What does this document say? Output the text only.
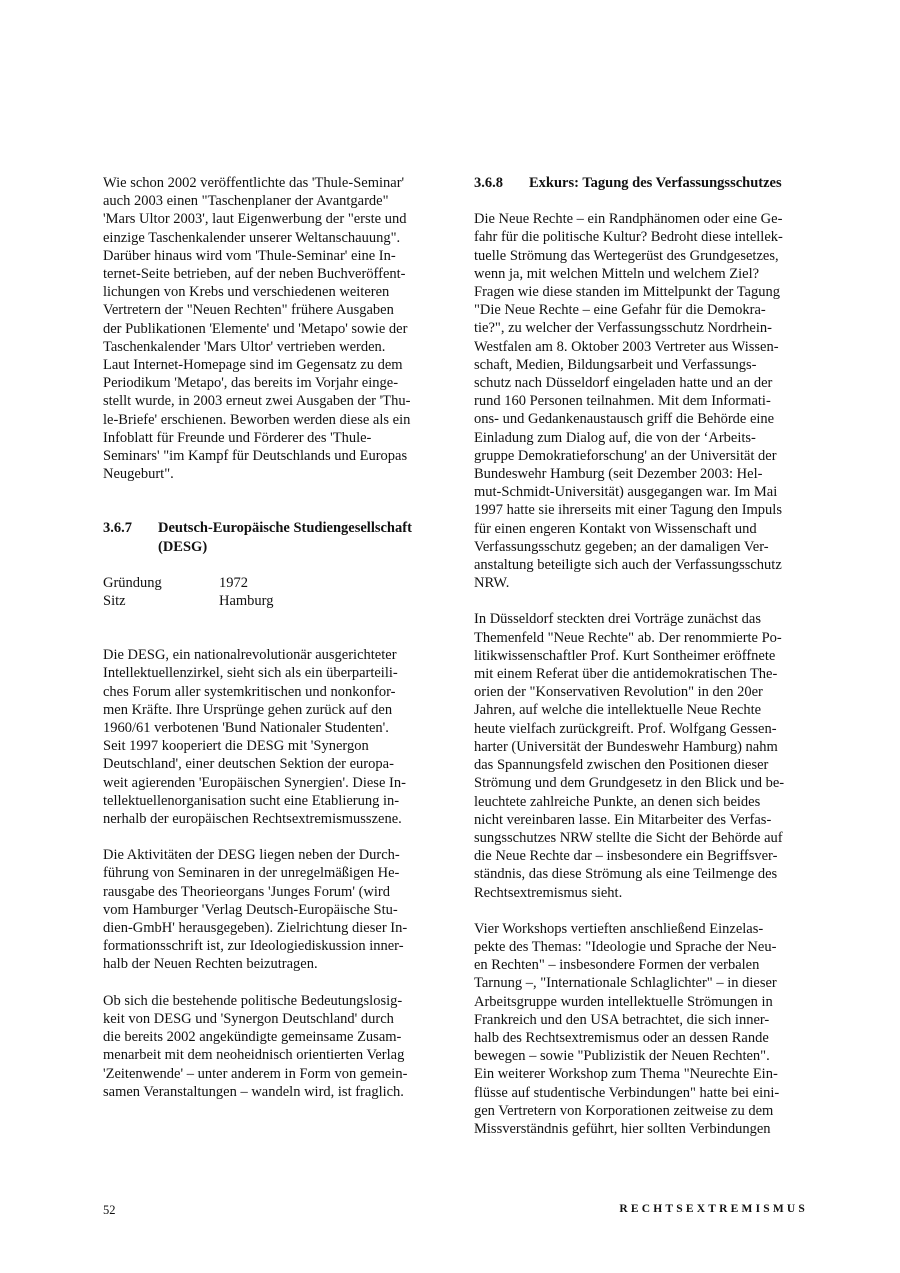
Wie schon 2002 veröffentlichte das 'Thule-Seminar'
auch 2003 einen "Taschenplaner der Avantgarde"
'Mars Ultor 2003', laut Eigenwerbung der "erste und
einzige Taschenkalender unserer Weltanschauung".
Darüber hinaus wird vom 'Thule-Seminar' eine In-
ternet-Seite betrieben, auf der neben Buchveröffent-
lichungen von Krebs und verschiedenen weiteren
Vertretern der "Neuen Rechten" frühere Ausgaben
der Publikationen 'Elemente' und 'Metapo' sowie der
Taschenkalender 'Mars Ultor' vertrieben werden.
Laut Internet-Homepage sind im Gegensatz zu dem
Periodikum 'Metapo', das bereits im Vorjahr einge-
stellt wurde, in 2003 erneut zwei Ausgaben der 'Thu-
le-Briefe' erschienen. Beworben werden diese als ein
Infoblatt für Freunde und Förderer des 'Thule-
Seminars' "im Kampf für Deutschlands und Europas
Neugeburt".
3.6.7	Deutsch-Europäische Studiengesellschaft
(DESG)
Gründung	1972
Sitz	Hamburg
Die DESG, ein nationalrevolutionär ausgerichteter
Intellektuellenzirkel, sieht sich als ein überparteili-
ches Forum aller systemkritischen und nonkonfor-
men Kräfte. Ihre Ursprünge gehen zurück auf den
1960/61 verbotenen 'Bund Nationaler Studenten'.
Seit 1997 kooperiert die DESG mit 'Synergon
Deutschland', einer deutschen Sektion der europa-
weit agierenden 'Europäischen Synergien'. Diese In-
tellektuellenorganisation sucht eine Etablierung in-
nerhalb der europäischen Rechtsextremismusszene.
Die Aktivitäten der DESG liegen neben der Durch-
führung von Seminaren in der unregelmäßigen He-
rausgabe des Theorieorgans 'Junges Forum' (wird
vom Hamburger 'Verlag Deutsch-Europäische Stu-
dien-GmbH' herausgegeben). Zielrichtung dieser In-
formationsschrift ist, zur Ideologiediskussion inner-
halb der Neuen Rechten beizutragen.
Ob sich die bestehende politische Bedeutungslosig-
keit von DESG und 'Synergon Deutschland' durch
die bereits 2002 angekündigte gemeinsame Zusam-
menarbeit mit dem neoheidnisch orientierten Verlag
'Zeitenwende' – unter anderem in Form von gemein-
samen Veranstaltungen – wandeln wird, ist fraglich.
3.6.8	Exkurs: Tagung des Verfassungsschutzes
Die Neue Rechte – ein Randphänomen oder eine Ge-
fahr für die politische Kultur? Bedroht diese intellek-
tuelle Strömung das Wertegerüst des Grundgesetzes,
wenn ja, mit welchen Mitteln und welchem Ziel?
Fragen wie diese standen im Mittelpunkt der Tagung
"Die Neue Rechte – eine Gefahr für die Demokra-
tie?", zu welcher der Verfassungsschutz Nordrhein-
Westfalen am 8. Oktober 2003 Vertreter aus Wissen-
schaft, Medien, Bildungsarbeit und Verfassungs-
schutz nach Düsseldorf eingeladen hatte und an der
rund 160 Personen teilnahmen. Mit dem Informati-
ons- und Gedankenaustausch griff die Behörde eine
Einladung zum Dialog auf, die von der ‘Arbeits-
gruppe Demokratieforschung' an der Universität der
Bundeswehr Hamburg (seit Dezember 2003: Hel-
mut-Schmidt-Universität) ausgegangen war. Im Mai
1997 hatte sie ihrerseits mit einer Tagung den Impuls
für einen engeren Kontakt von Wissenschaft und
Verfassungsschutz gegeben; an der damaligen Ver-
anstaltung beteiligte sich auch der Verfassungsschutz
NRW.
In Düsseldorf steckten drei Vorträge zunächst das
Themenfeld "Neue Rechte" ab. Der renommierte Po-
litikwissenschaftler Prof. Kurt Sontheimer eröffnete
mit einem Referat über die antidemokratischen The-
orien der "Konservativen Revolution" in den 20er
Jahren, auf welche die intellektuelle Neue Rechte
heute vielfach zurückgreift. Prof. Wolfgang Gessen-
harter (Universität der Bundeswehr Hamburg) nahm
das Spannungsfeld zwischen den Positionen dieser
Strömung und dem Grundgesetz in den Blick und be-
leuchtete zahlreiche Punkte, an denen sich beides
nicht vereinbaren lasse. Ein Mitarbeiter des Verfas-
sungsschutzes NRW stellte die Sicht der Behörde auf
die Neue Rechte dar – insbesondere ein Begriffsver-
ständnis, das diese Strömung als eine Teilmenge des
Rechtsextremismus sieht.
Vier Workshops vertieften anschließend Einzelas-
pekte des Themas: "Ideologie und Sprache der Neu-
en Rechten" – insbesondere Formen der verbalen
Tarnung –, "Internationale Schlaglichter" – in dieser
Arbeitsgruppe wurden intellektuelle Strömungen in
Frankreich und den USA betrachtet, die sich inner-
halb des Rechtsextremismus oder an dessen Rande
bewegen – sowie "Publizistik der Neuen Rechten".
Ein weiterer Workshop zum Thema "Neurechte Ein-
flüsse auf studentische Verbindungen" hatte bei eini-
gen Vertretern von Korporationen zeitweise zu dem
Missverständnis geführt, hier sollten Verbindungen
52	RECHTSEXTREMISMUS
